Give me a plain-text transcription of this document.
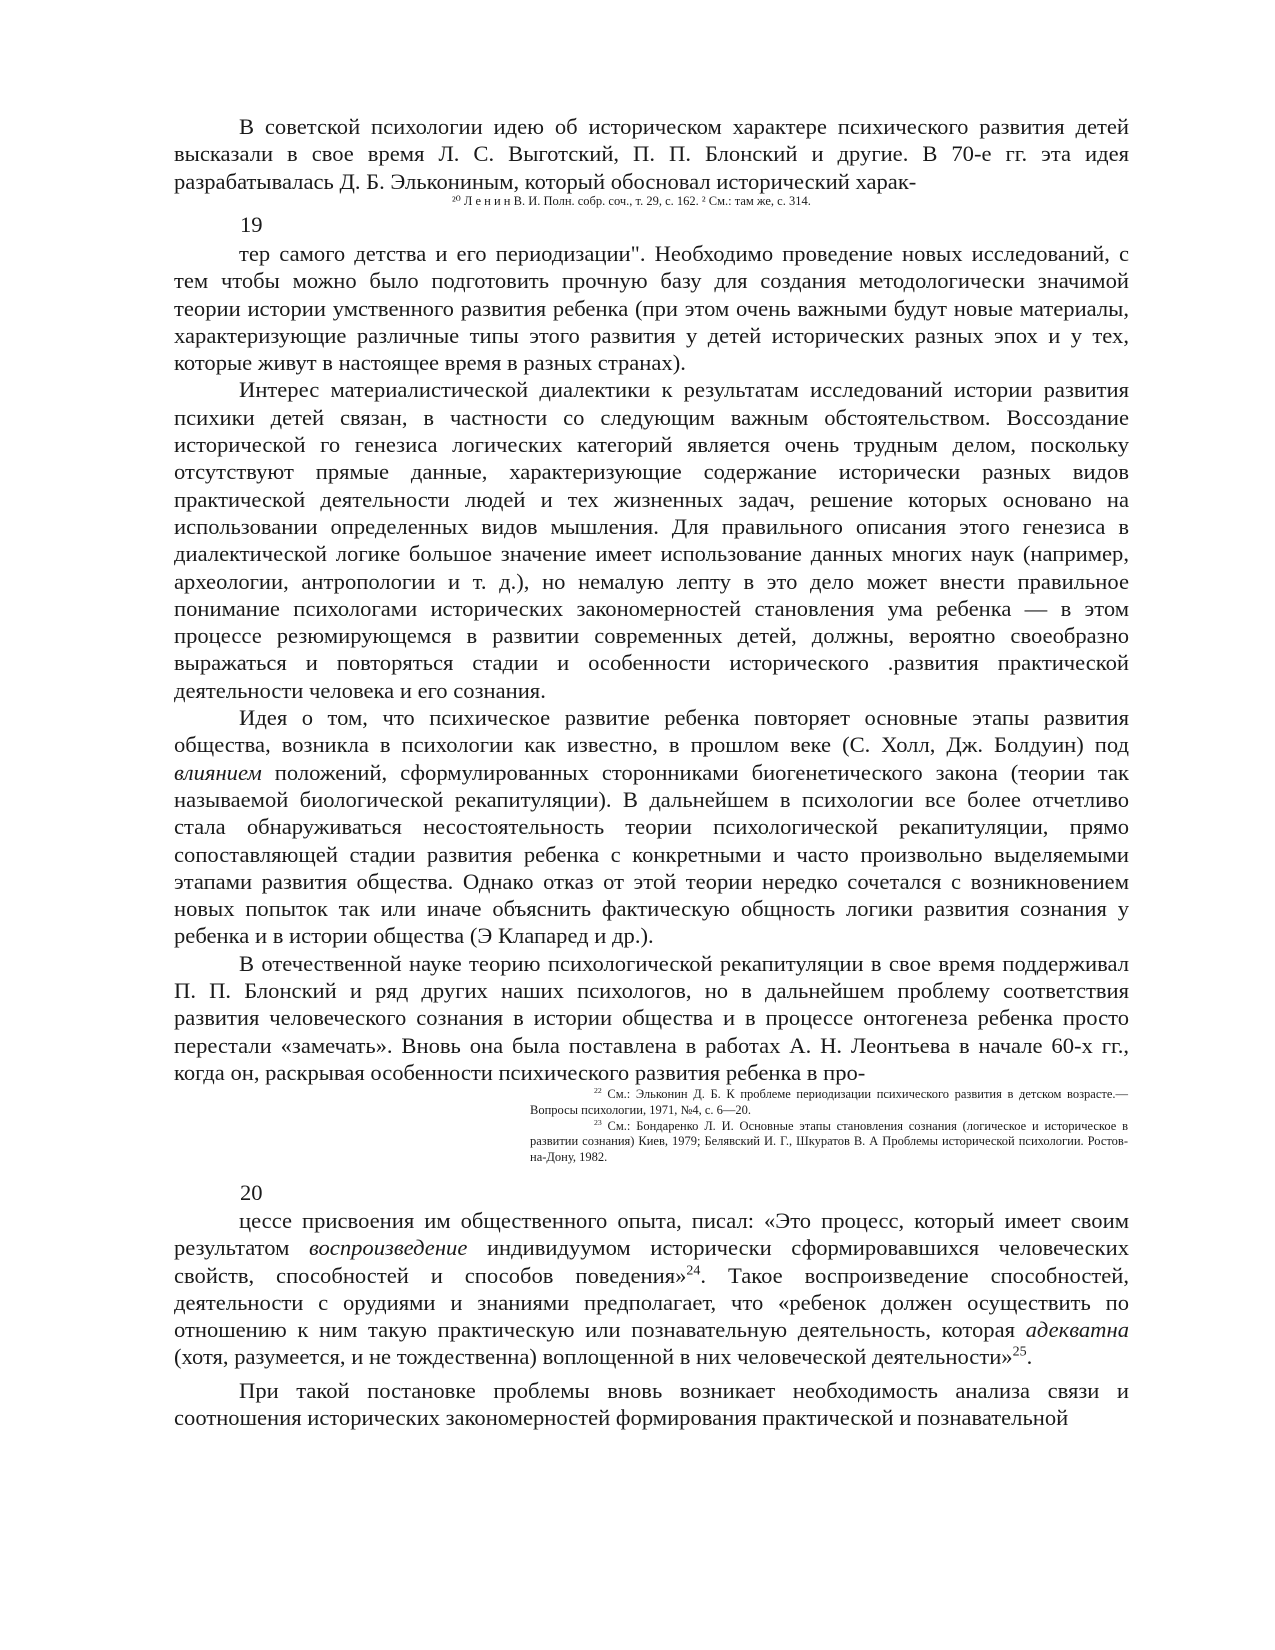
В советской психологии идею об историческом характере психического развития детей высказали в свое время Л. С. Выготский, П. П. Блонский и другие. В 70-е гг. эта идея разрабатывалась Д. Б. Элькониным, который обосновал исторический харак-

²⁰ Л е н и н В. И. Полн. собр. соч., т. 29, с. 162. ² См.: там же, с. 314.
19

тер самого детства и его периодизации". Необходимо проведение новых исследований, с тем чтобы можно было подготовить прочную базу для создания методологически значимой теории истории умственного развития ребенка (при этом очень важными будут новые материалы, характеризующие различные типы этого развития у детей исторических разных эпох и у тех, которые живут в настоящее время в разных странах).

Интерес материалистической диалектики к результатам исследований истории развития психики детей связан, в частности со следующим важным обстоятельством. Воссоздание исторической го генезиса логических категорий является очень трудным делом, поскольку отсутствуют прямые данные, характеризующие содержание исторически разных видов практической деятельности людей и тех жизненных задач, решение которых основано на использовании определенных видов мышления. Для правильного описания этого генезиса в диалектической логике большое значение имеет использование данных многих наук (например, археологии, антропологии и т. д.), но немалую лепту в это дело может внести правильное понимание психологами исторических закономерностей становления ума ребенка — в этом процессе резюмирующемся в развитии современных детей, должны, вероятно своеобразно выражаться и повторяться стадии и особенности исторического .развития практической деятельности человека и его сознания.

Идея о том, что психическое развитие ребенка повторяет основные этапы развития общества, возникла в психологии как известно, в прошлом веке (С. Холл, Дж. Болдуин) под влиянием положений, сформулированных сторонниками биогенетического закона (теории так называемой биологической рекапитуляции). В дальнейшем в психологии все более отчетливо стала обнаруживаться несостоятельность теории психологической рекапитуляции, прямо сопоставляющей стадии развития ребенка с конкретными и часто произвольно выделяемыми этапами развития общества. Однако отказ от этой теории нередко сочетался с возникновением новых попыток так или иначе объяснить фактическую общность логики развития сознания у ребенка и в истории общества (Э Клапаред и др.).

В отечественной науке теорию психологической рекапитуляции в свое время поддерживал П. П. Блонский и ряд других наших психологов, но в дальнейшем проблему соответствия развития человеческого сознания в истории общества и в процессе онтогенеза ребенка просто перестали «замечать». Вновь она была поставлена в работах А. Н. Леонтьева в начале 60-х гг., когда он, раскрывая особенности психического развития ребенка в про-

$^{22}$ См.: Эльконин Д. Б. К проблеме периодизации психического развития в детском возрасте.— Вопросы психологии, 1971, №4, с. 6—20.

$^{23}$ См.: Бондаренко Л. И. Основные этапы становления сознания (логическое и историческое в развитии сознания) Киев, 1979; Белявский И. Г., Шкуратов В. А Проблемы исторической психологии. Ростов-на-Дону, 1982.

20

цессе присвоения им общественного опыта, писал: «Это процесс, который имеет своим результатом воспроизведение индивидуумом исторически сформировавшихся человеческих свойств, способностей и способов поведения»$^{24}$. Такое воспроизведение способностей, деятельности с орудиями и знаниями предполагает, что «ребенок должен осуществить по отношению к ним такую практическую или познавательную деятельность, которая адекватна (хотя, разумеется, и не тождественна) воплощенной в них человеческой деятельности»$^{25}$.

При такой постановке проблемы вновь возникает необходимость анализа связи и соотношения исторических закономерностей формирования практической и познавательной
